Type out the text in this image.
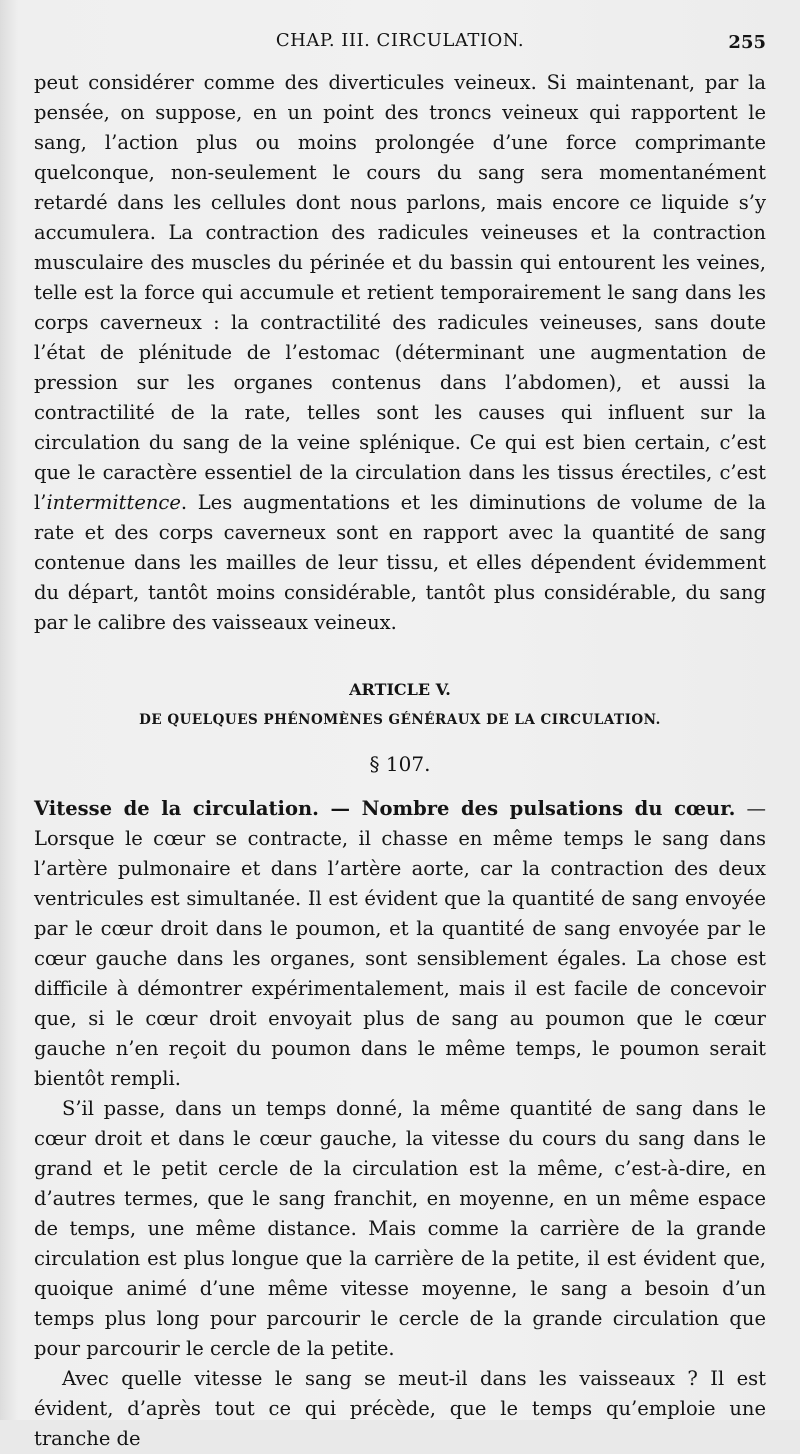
CHAP. III. CIRCULATION.	255

peut considérer comme des diverticules veineux. Si maintenant, par la pensée, on suppose, en un point des troncs veineux qui rapportent le sang, l’action plus ou moins prolongée d’une force comprimante quelconque, non-seulement le cours du sang sera momentanément retardé dans les cellules dont nous parlons, mais encore ce liquide s’y accumulera. La contraction des radicules veineuses et la contraction musculaire des muscles du périnée et du bassin qui entourent les veines, telle est la force qui accumule et retient temporairement le sang dans les corps caverneux : la contractilité des radicules veineuses, sans doute l’état de plénitude de l’estomac (déterminant une augmentation de pression sur les organes contenus dans l’abdomen), et aussi la contractilité de la rate, telles sont les causes qui influent sur la circulation du sang de la veine splénique. Ce qui est bien certain, c’est que le caractère essentiel de la circulation dans les tissus érectiles, c’est l’intermittence. Les augmentations et les diminutions de volume de la rate et des corps caverneux sont en rapport avec la quantité de sang contenue dans les mailles de leur tissu, et elles dépendent évidemment du départ, tantôt moins considérable, tantôt plus considérable, du sang par le calibre des vaisseaux veineux.

ARTICLE V.
DE QUELQUES PHÉNOMÈNES GÉNÉRAUX DE LA CIRCULATION.
§ 107.

Vitesse de la circulation. — Nombre des pulsations du cœur. — Lorsque le cœur se contracte, il chasse en même temps le sang dans l’artère pulmonaire et dans l’artère aorte, car la contraction des deux ventricules est simultanée. Il est évident que la quantité de sang envoyée par le cœur droit dans le poumon, et la quantité de sang envoyée par le cœur gauche dans les organes, sont sensiblement égales. La chose est difficile à démontrer expérimentalement, mais il est facile de concevoir que, si le cœur droit envoyait plus de sang au poumon que le cœur gauche n’en reçoit du poumon dans le même temps, le poumon serait bientôt rempli.

S’il passe, dans un temps donné, la même quantité de sang dans le cœur droit et dans le cœur gauche, la vitesse du cours du sang dans le grand et le petit cercle de la circulation est la même, c’est-à-dire, en d’autres termes, que le sang franchit, en moyenne, en un même espace de temps, une même distance. Mais comme la carrière de la grande circulation est plus longue que la carrière de la petite, il est évident que, quoique animé d’une même vitesse moyenne, le sang a besoin d’un temps plus long pour parcourir le cercle de la grande circulation que pour parcourir le cercle de la petite.

Avec quelle vitesse le sang se meut-il dans les vaisseaux ? Il est évident, d’après tout ce qui précède, que le temps qu’emploie une tranche de
